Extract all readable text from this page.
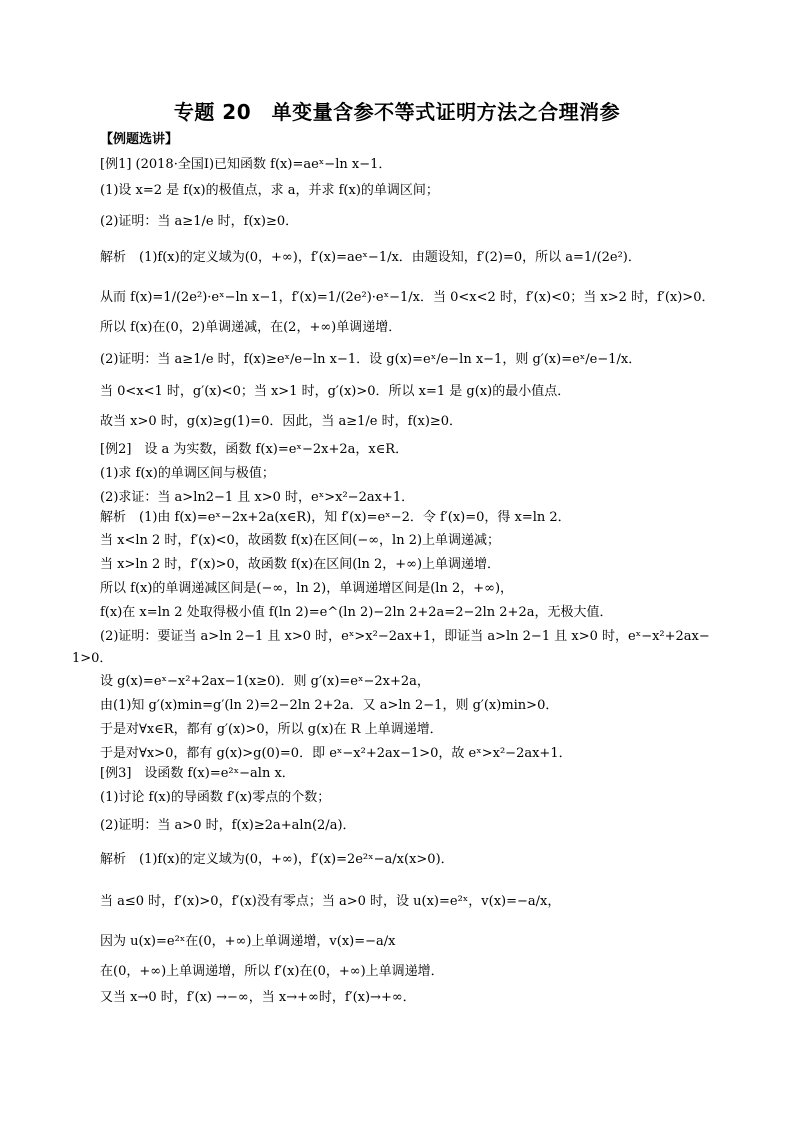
专题 20　单变量含参不等式证明方法之合理消参
【例题选讲】
[例1] (2018·全国Ⅰ)已知函数 f(x)=aeˣ−ln x−1．
(1)设 x=2 是 f(x)的极值点，求 a，并求 f(x)的单调区间；
(2)证明：当 a≥1/e 时，f(x)≥0．
解析　(1)f(x)的定义域为(0，+∞)，f′(x)=aeˣ−1/x．由题设知，f′(2)=0，所以 a=1/(2e²)．
从而 f(x)=1/(2e²)·eˣ−ln x−1，f′(x)=1/(2e²)·eˣ−1/x．当 0<x<2 时，f′(x)<0；当 x>2 时，f′(x)>0．
所以 f(x)在(0，2)单调递减，在(2，+∞)单调递增．
(2)证明：当 a≥1/e 时，f(x)≥eˣ/e−ln x−1．设 g(x)=eˣ/e−ln x−1，则 g′(x)=eˣ/e−1/x．
当 0<x<1 时，g′(x)<0；当 x>1 时，g′(x)>0．所以 x=1 是 g(x)的最小值点．
故当 x>0 时，g(x)≥g(1)=0．因此，当 a≥1/e 时，f(x)≥0．
[例2]　设 a 为实数，函数 f(x)=eˣ−2x+2a，x∈R．
(1)求 f(x)的单调区间与极值；
(2)求证：当 a>ln2−1 且 x>0 时，eˣ>x²−2ax+1．
解析　(1)由 f(x)=eˣ−2x+2a(x∈R)，知 f′(x)=eˣ−2．令 f′(x)=0，得 x=ln 2．
当 x<ln 2 时，f′(x)<0，故函数 f(x)在区间(−∞，ln 2)上单调递减；
当 x>ln 2 时，f′(x)>0，故函数 f(x)在区间(ln 2，+∞)上单调递增．
所以 f(x)的单调递减区间是(−∞，ln 2)，单调递增区间是(ln 2，+∞)，
f(x)在 x=ln 2 处取得极小值 f(ln 2)=e^(ln 2)−2ln 2+2a=2−2ln 2+2a，无极大值．
(2)证明：要证当 a>ln 2−1 且 x>0 时，eˣ>x²−2ax+1，即证当 a>ln 2−1 且 x>0 时，eˣ−x²+2ax−
1>0．
设 g(x)=eˣ−x²+2ax−1(x≥0)．则 g′(x)=eˣ−2x+2a，
由(1)知 g′(x)min=g′(ln 2)=2−2ln 2+2a．又 a>ln 2−1，则 g′(x)min>0．
于是对∀x∈R，都有 g′(x)>0，所以 g(x)在 R 上单调递增．
于是对∀x>0，都有 g(x)>g(0)=0．即 eˣ−x²+2ax−1>0，故 eˣ>x²−2ax+1．
[例3]　设函数 f(x)=e²ˣ−aln x．
(1)讨论 f(x)的导函数 f′(x)零点的个数；
(2)证明：当 a>0 时，f(x)≥2a+aln(2/a)．
解析　(1)f(x)的定义域为(0，+∞)，f′(x)=2e²ˣ−a/x(x>0)．
当 a≤0 时，f′(x)>0，f′(x)没有零点；当 a>0 时，设 u(x)=e²ˣ，v(x)=−a/x，
因为 u(x)=e²ˣ在(0，+∞)上单调递增，v(x)=−a/x
在(0，+∞)上单调递增，所以 f′(x)在(0，+∞)上单调递增．
又当 x→0 时，f′(x) →−∞，当 x→+∞时，f′(x)→+∞．
